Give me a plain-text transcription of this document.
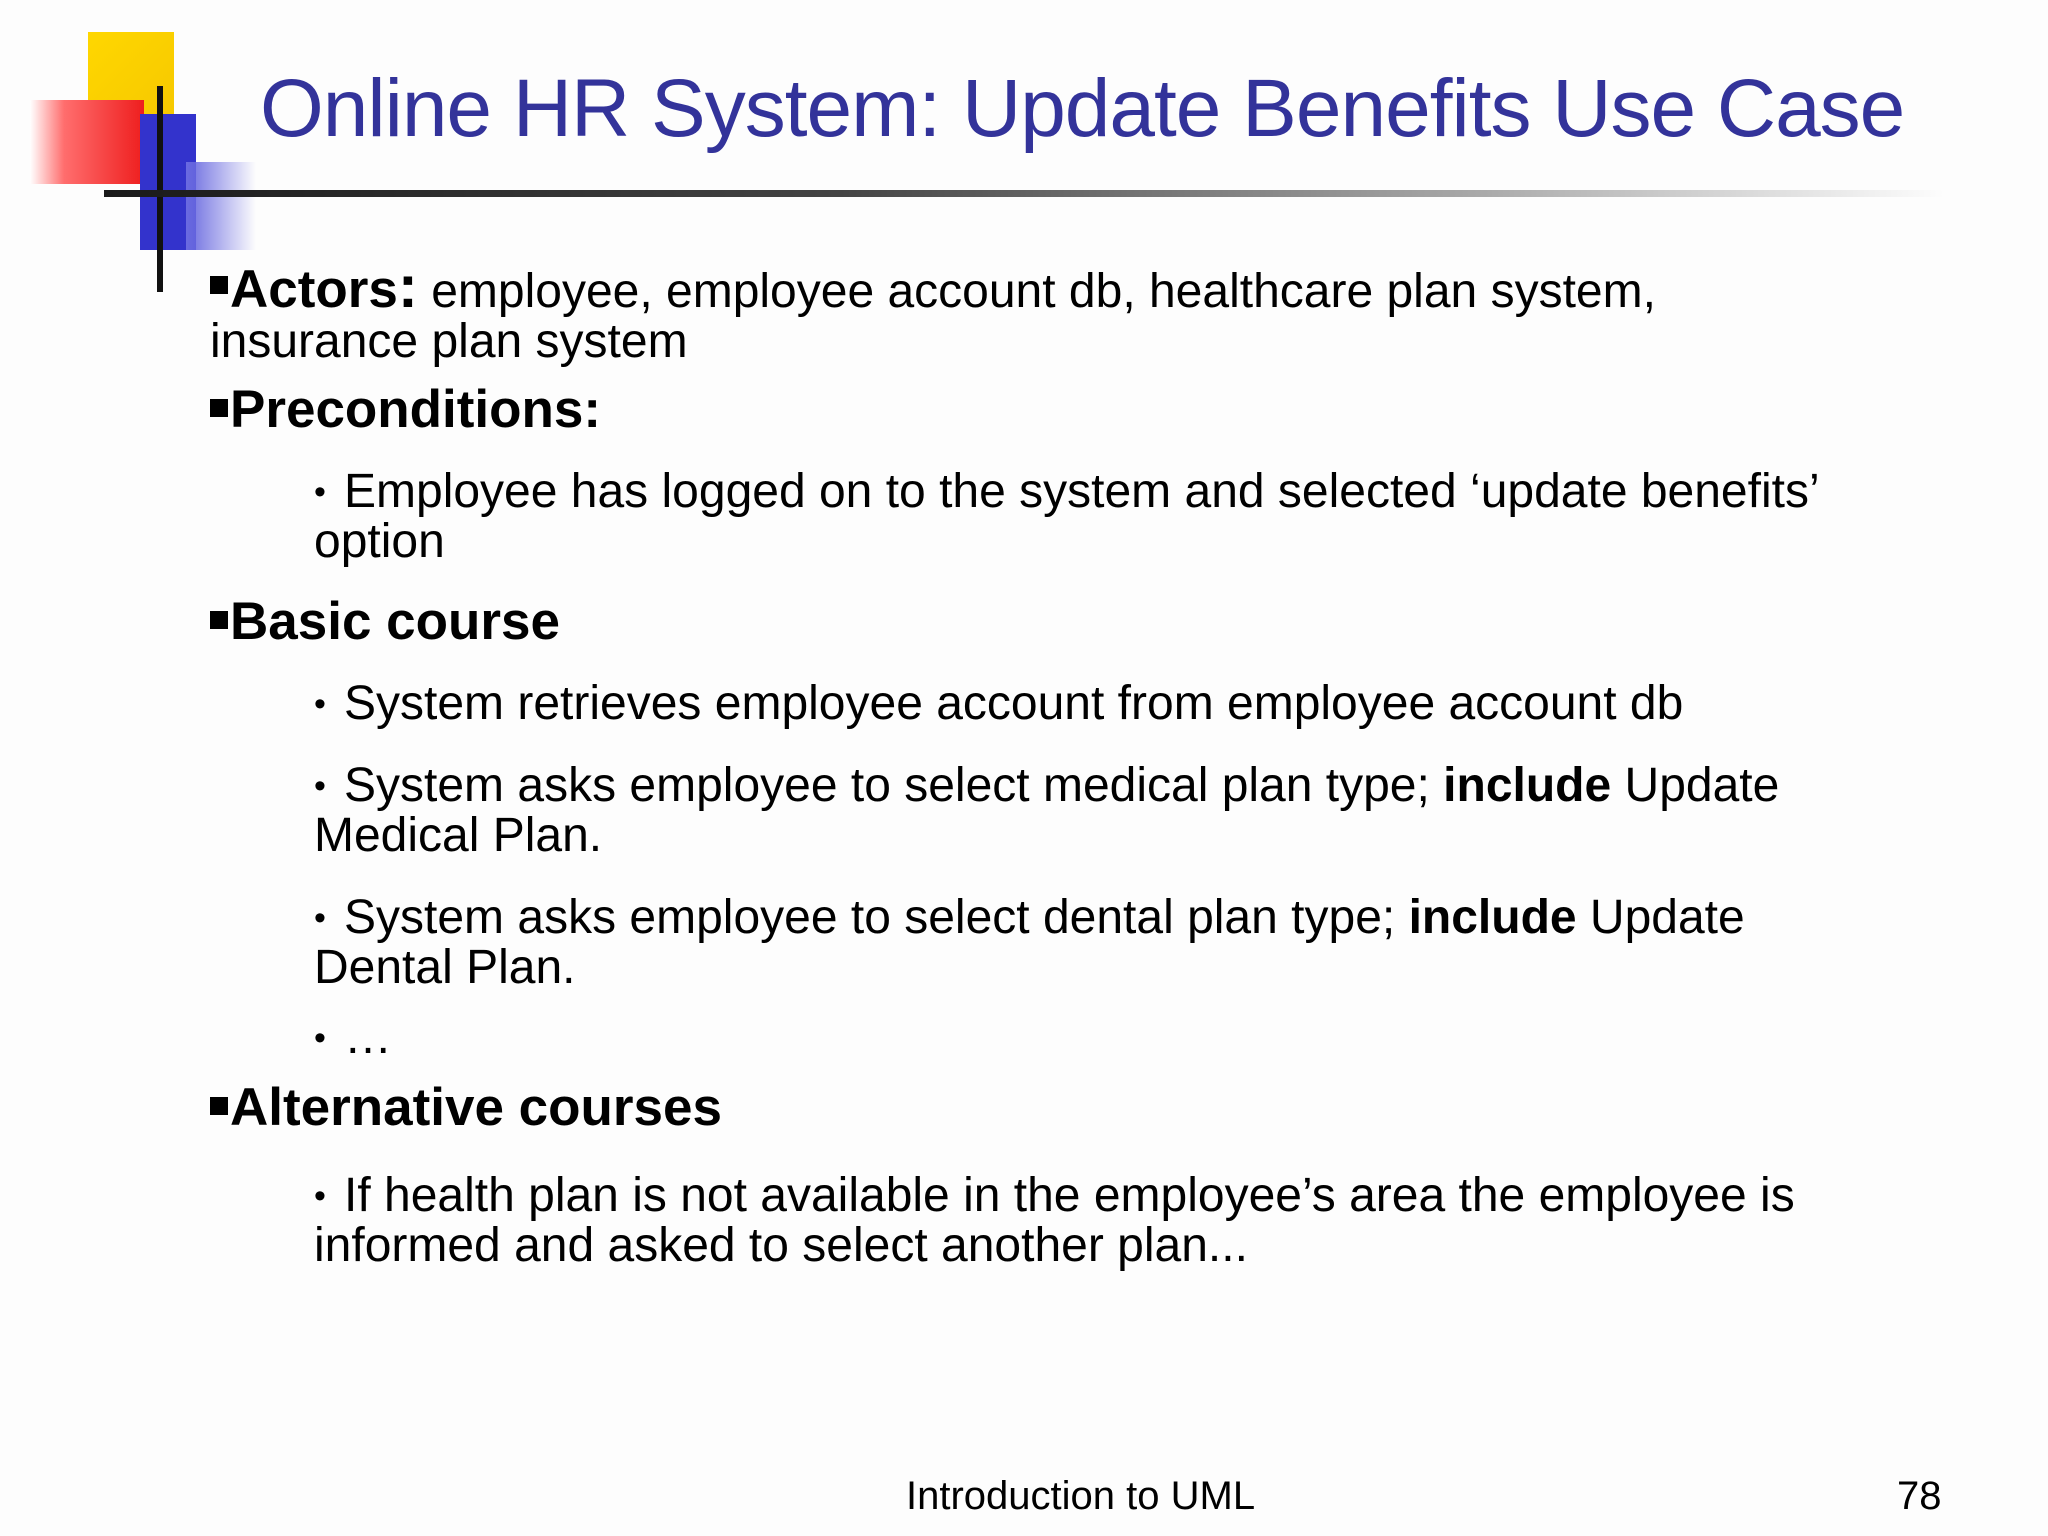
Online HR System: Update Benefits Use Case
Actors: employee, employee account db, healthcare plan system,
insurance plan system
Preconditions:
• Employee has logged on to the system and selected ‘update benefits’
option
Basic course
• System retrieves employee account from employee account db
• System asks employee to select medical plan type; include Update
Medical Plan.
• System asks employee to select dental plan type; include Update
Dental Plan.
• …
Alternative courses
• If health plan is not available in the employee’s area the employee is
informed and asked to select another plan...
Introduction to UML	78
